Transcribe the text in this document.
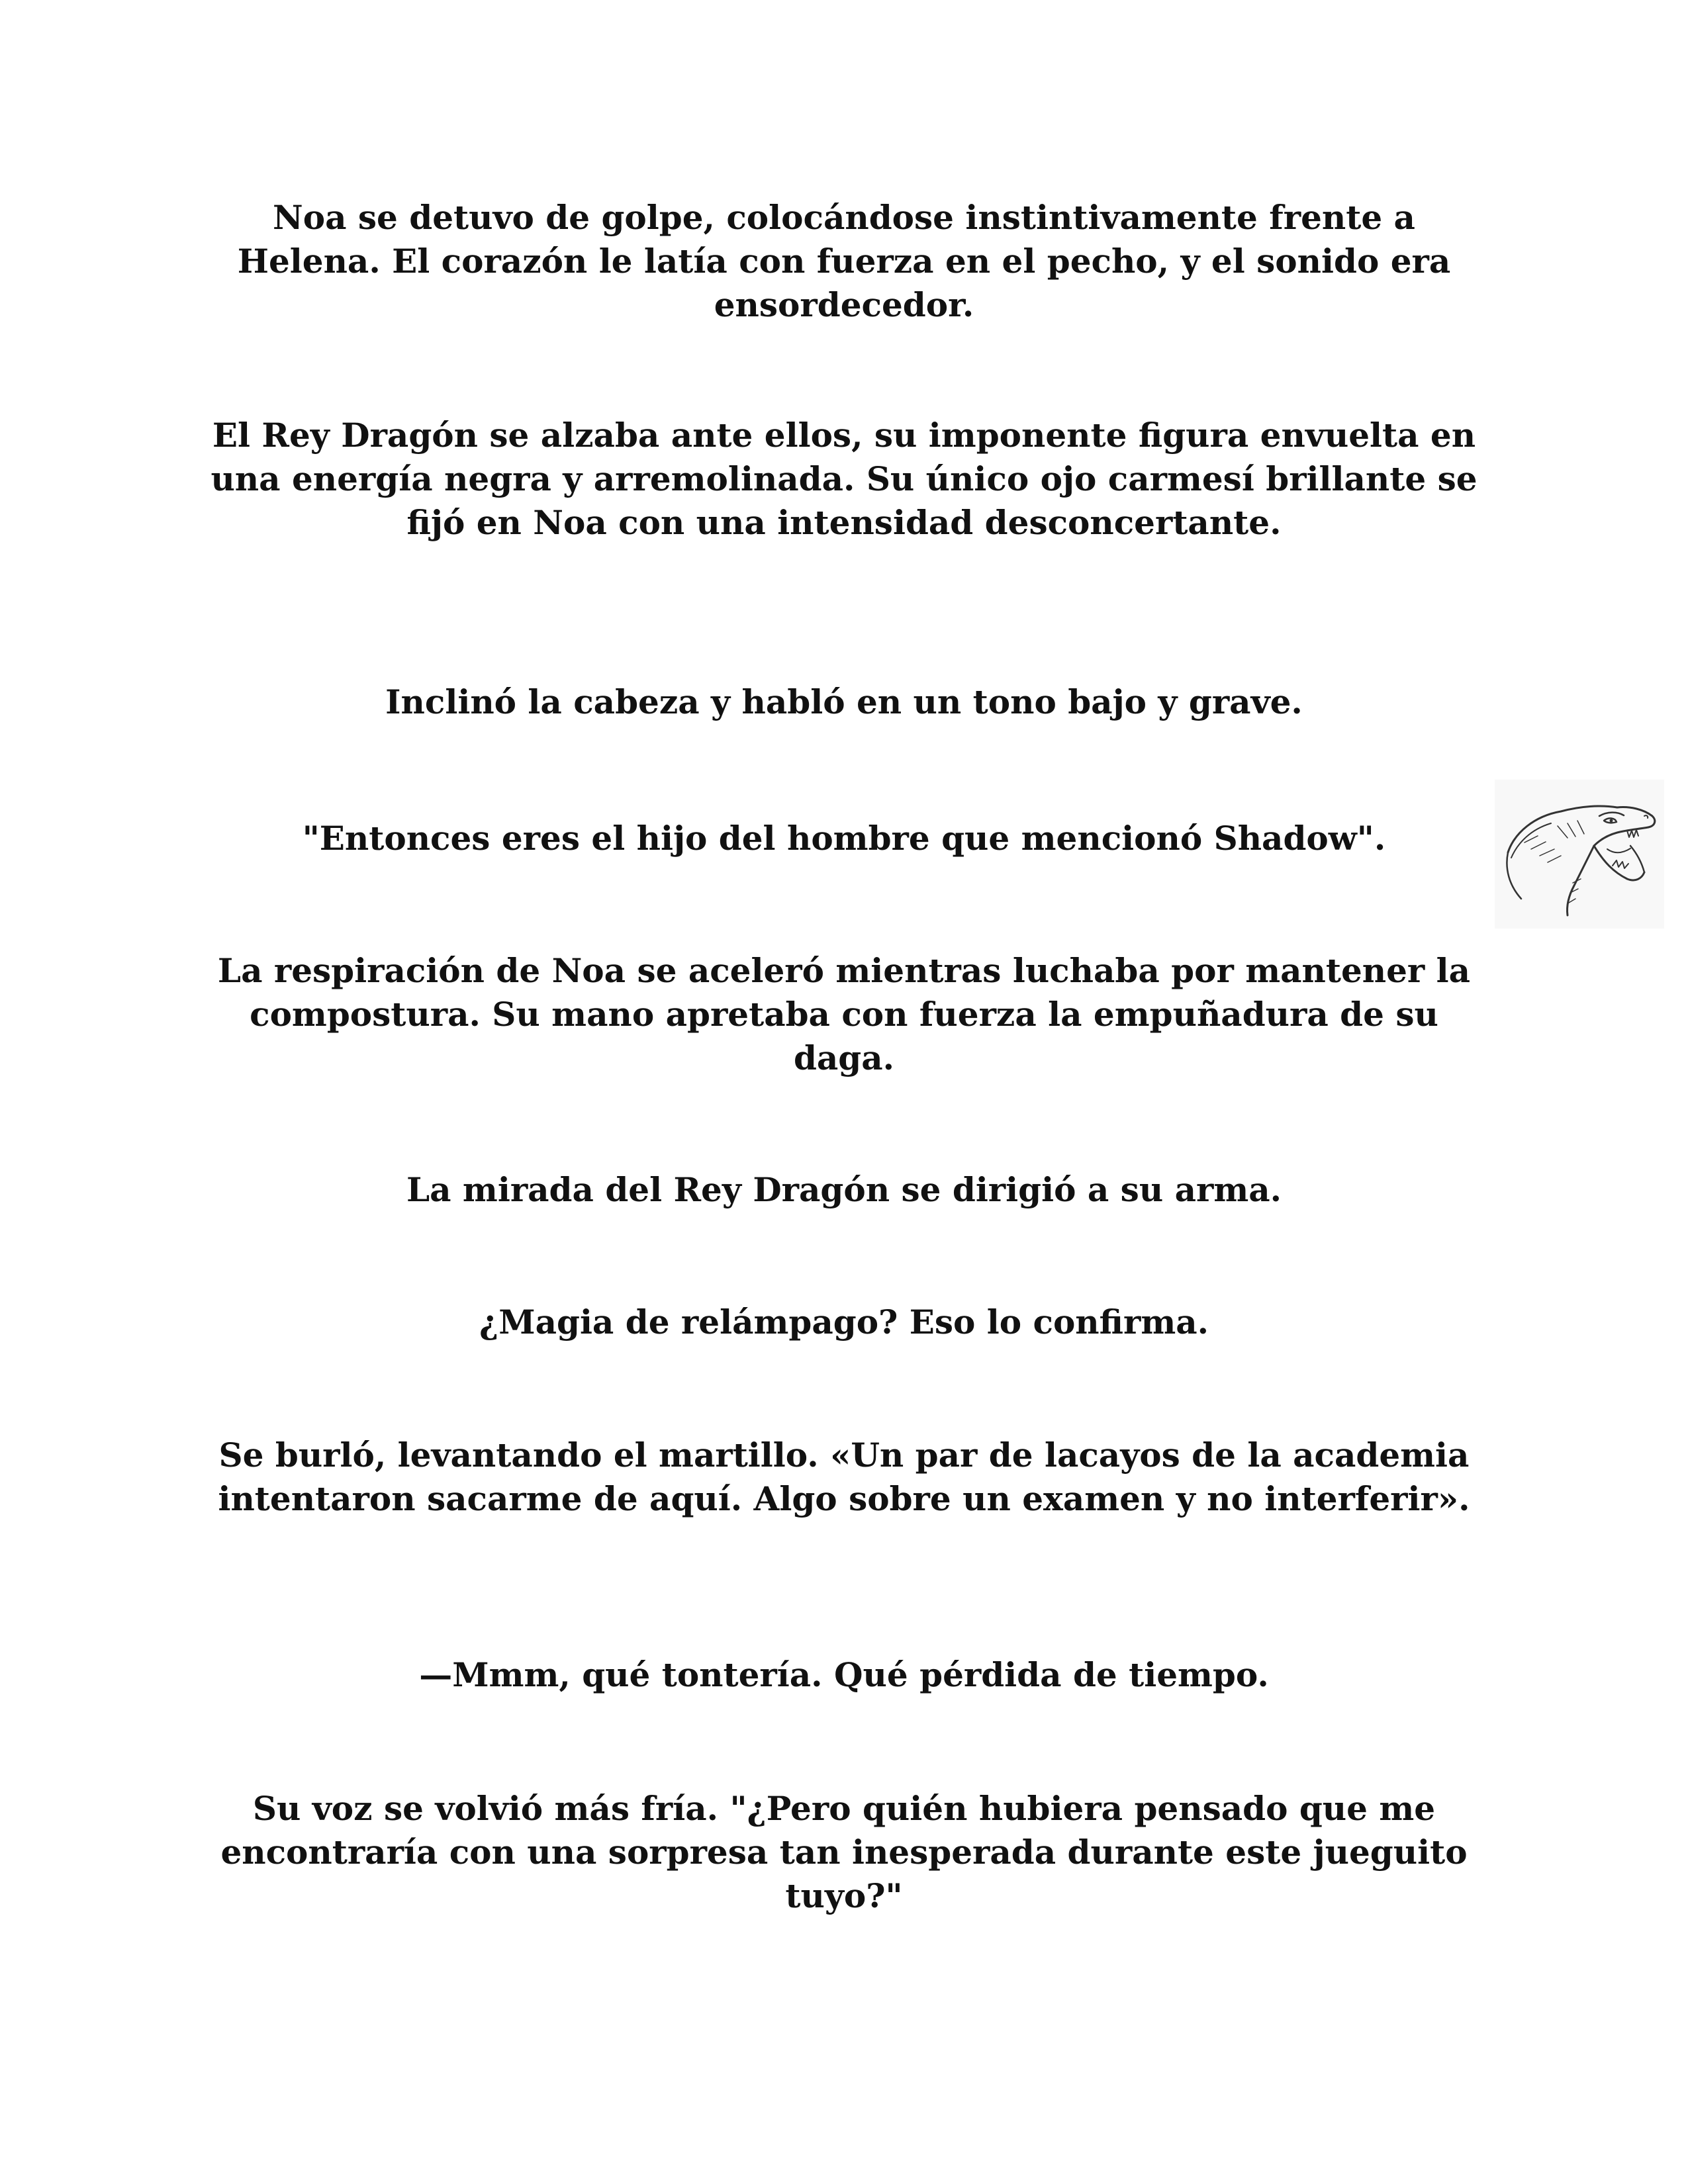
Noa se detuvo de golpe, colocándose instintivamente frente a Helena. El corazón le latía con fuerza en el pecho, y el sonido era ensordecedor.

El Rey Dragón se alzaba ante ellos, su imponente figura envuelta en una energía negra y arremolinada. Su único ojo carmesí brillante se fijó en Noa con una intensidad desconcertante.

Inclinó la cabeza y habló en un tono bajo y grave.

"Entonces eres el hijo del hombre que mencionó Shadow".

La respiración de Noa se aceleró mientras luchaba por mantener la compostura. Su mano apretaba con fuerza la empuñadura de su daga.

La mirada del Rey Dragón se dirigió a su arma.

¿Magia de relámpago? Eso lo confirma.

Se burló, levantando el martillo. «Un par de lacayos de la academia intentaron sacarme de aquí. Algo sobre un examen y no interferir».

—Mmm, qué tontería. Qué pérdida de tiempo.

Su voz se volvió más fría. "¿Pero quién hubiera pensado que me encontraría con una sorpresa tan inesperada durante este jueguito tuyo?"
